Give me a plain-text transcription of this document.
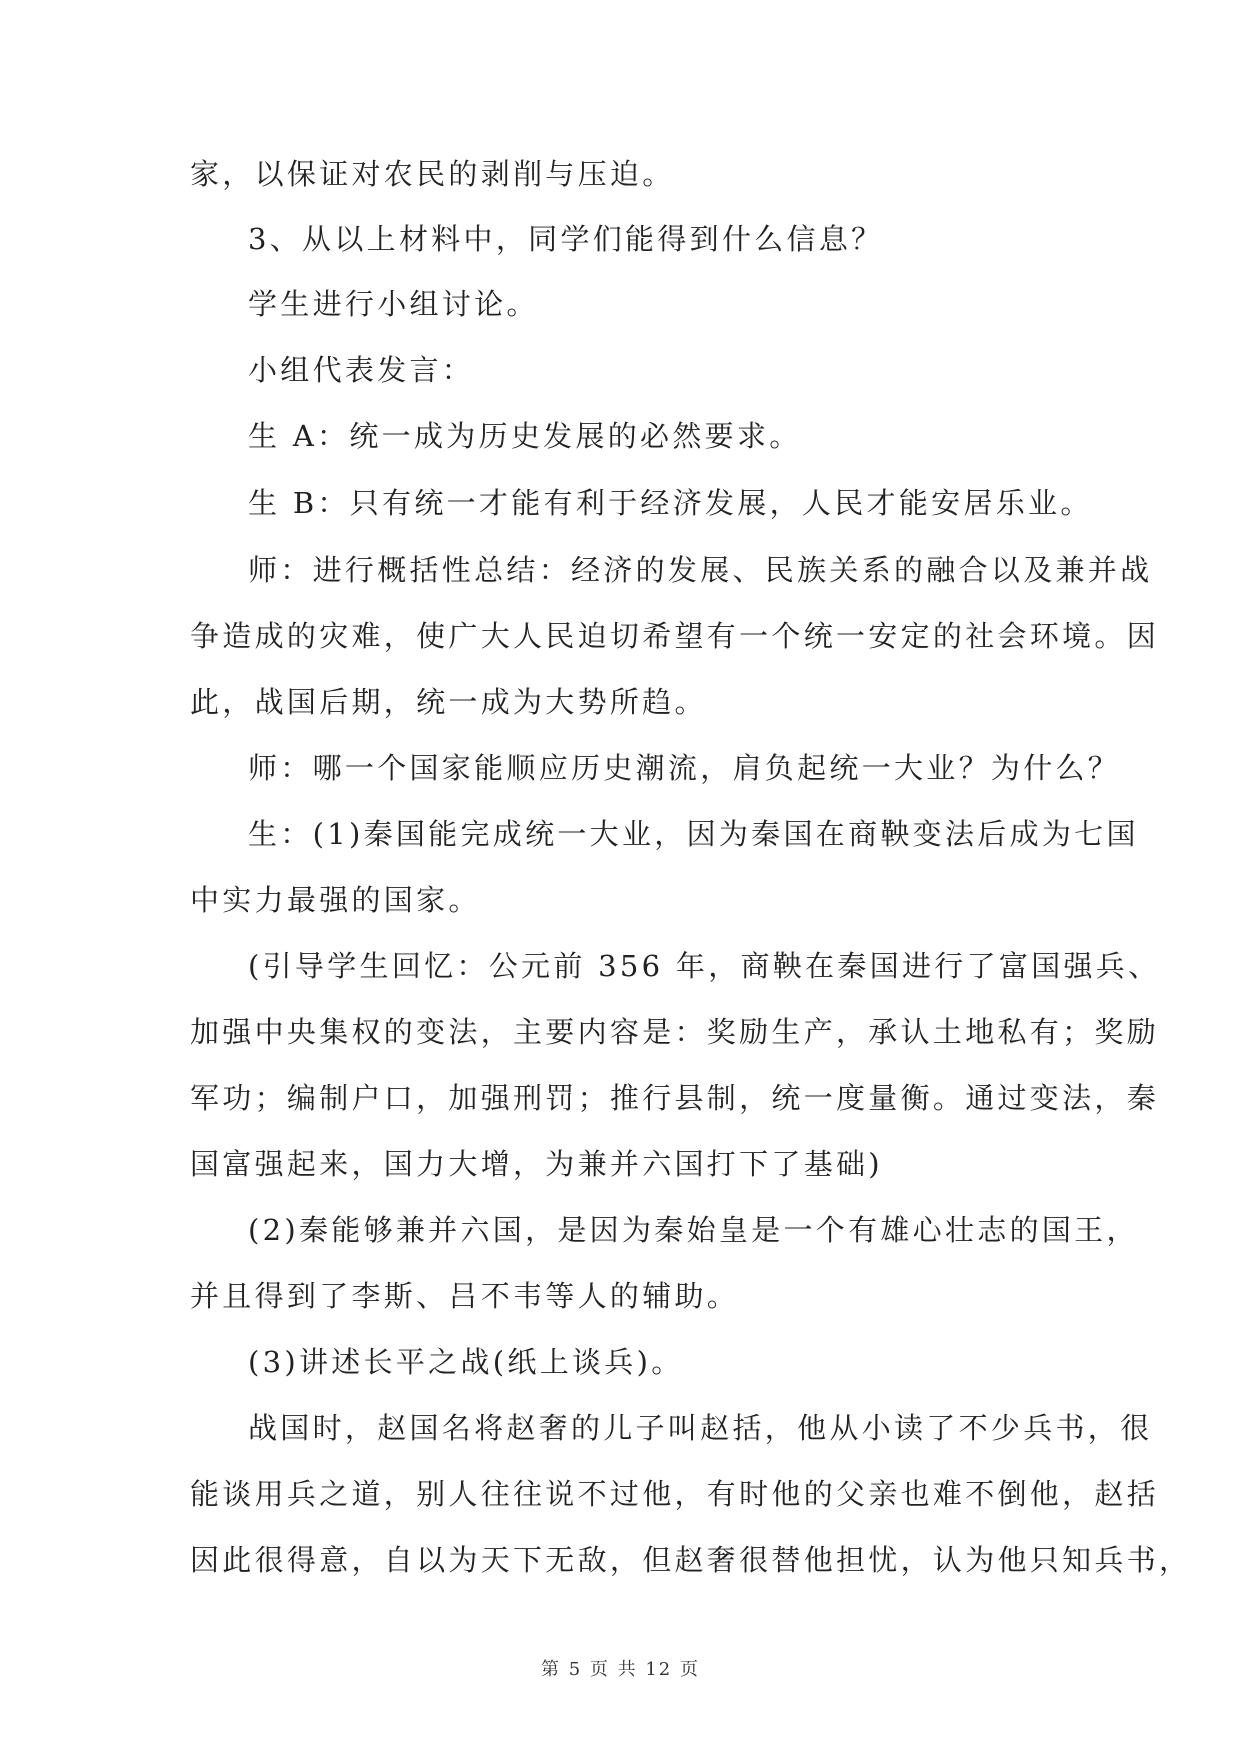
家，以保证对农民的剥削与压迫。
3、从以上材料中，同学们能得到什么信息？
学生进行小组讨论。
小组代表发言：
生 A：统一成为历史发展的必然要求。
生 B：只有统一才能有利于经济发展，人民才能安居乐业。
师：进行概括性总结：经济的发展、民族关系的融合以及兼并战
争造成的灾难，使广大人民迫切希望有一个统一安定的社会环境。因
此，战国后期，统一成为大势所趋。
师：哪一个国家能顺应历史潮流，肩负起统一大业？为什么？
生：(1)秦国能完成统一大业，因为秦国在商鞅变法后成为七国
中实力最强的国家。
(引导学生回忆：公元前 356 年，商鞅在秦国进行了富国强兵、
加强中央集权的变法，主要内容是：奖励生产，承认土地私有；奖励
军功；编制户口，加强刑罚；推行县制，统一度量衡。通过变法，秦
国富强起来，国力大增，为兼并六国打下了基础)
(2)秦能够兼并六国，是因为秦始皇是一个有雄心壮志的国王，
并且得到了李斯、吕不韦等人的辅助。
(3)讲述长平之战(纸上谈兵)。
战国时，赵国名将赵奢的儿子叫赵括，他从小读了不少兵书，很
能谈用兵之道，别人往往说不过他，有时他的父亲也难不倒他，赵括
因此很得意，自以为天下无敌，但赵奢很替他担忧，认为他只知兵书，
第 5 页 共 12 页
